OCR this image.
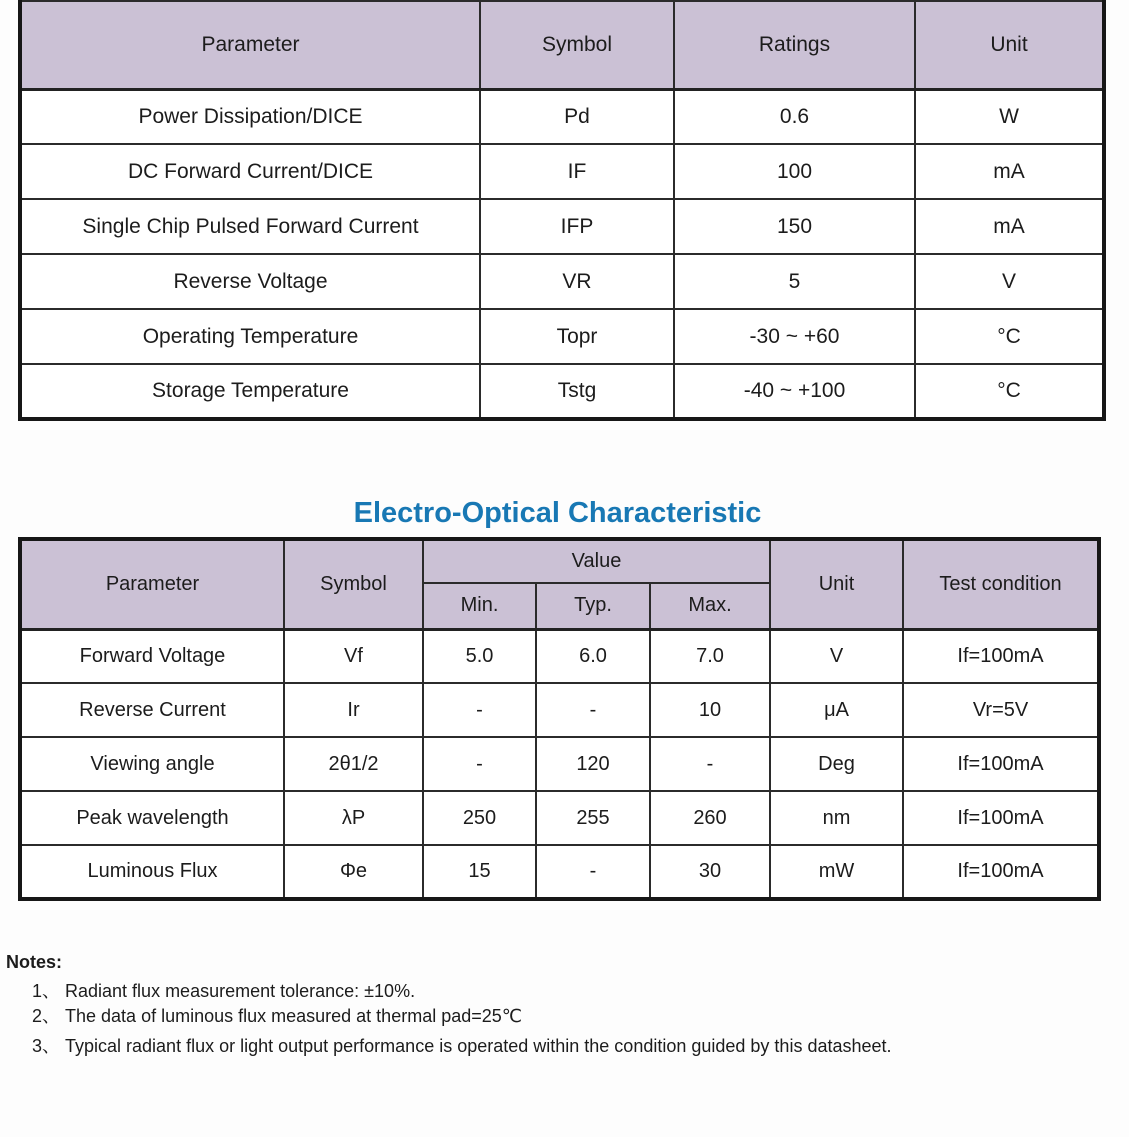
Parameter	Symbol	Ratings	Unit
Power Dissipation/DICE	Pd	0.6	W
DC Forward Current/DICE	IF	100	mA
Single Chip Pulsed Forward Current	IFP	150	mA
Reverse Voltage	VR	5	V
Operating Temperature	Topr	-30 ~ +60	°C
Storage Temperature	Tstg	-40 ~ +100	°C
Electro-Optical Characteristic
Parameter	Symbol	Value			Unit	Test condition
		Min.	Typ.	Max.		
Forward Voltage	Vf	5.0	6.0	7.0	V	If=100mA
Reverse Current	Ir	-	-	10	μA	Vr=5V
Viewing angle	2θ1/2	-	120	-	Deg	If=100mA
Peak wavelength	λP	250	255	260	nm	If=100mA
Luminous Flux	Φe	15	-	30	mW	If=100mA
Notes:
1、 Radiant flux measurement tolerance: ±10%.
2、 The data of luminous flux measured at thermal pad=25℃
3、 Typical radiant flux or light output performance is operated within the condition guided by this datasheet.
